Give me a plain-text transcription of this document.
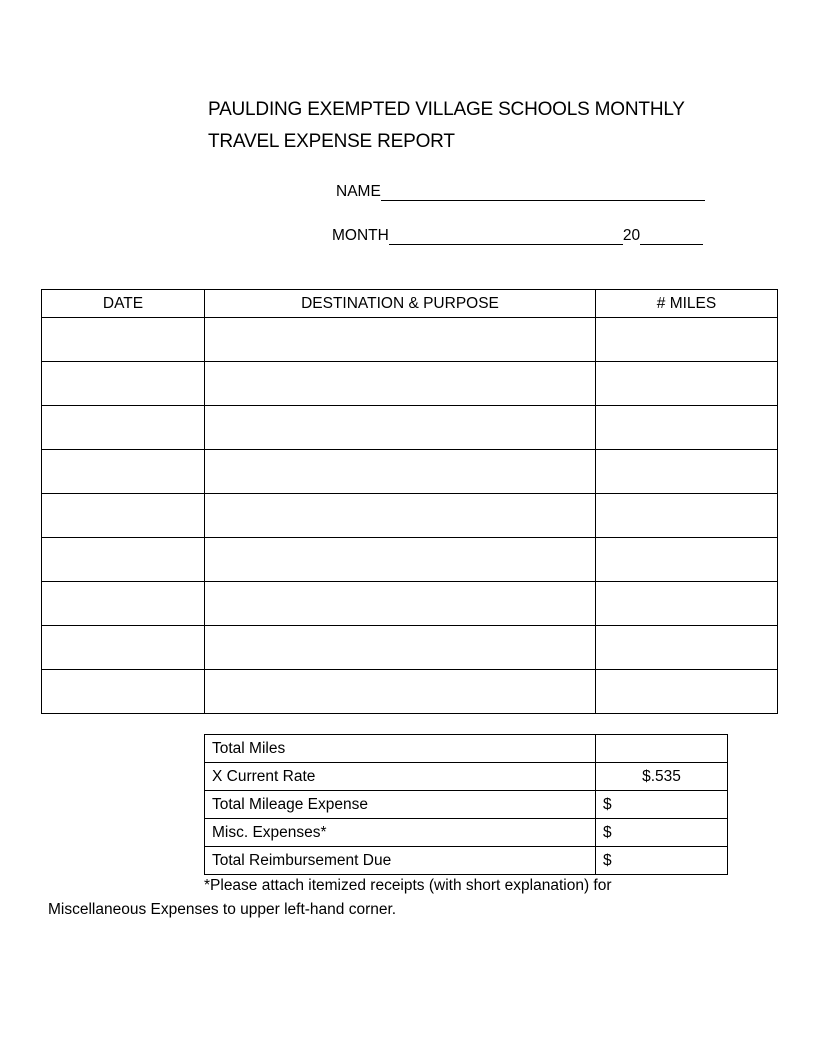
PAULDING EXEMPTED VILLAGE SCHOOLS MONTHLY
TRAVEL EXPENSE REPORT
NAME
MONTH	20
DATE	DESTINATION & PURPOSE	# MILES

Total Miles	
X Current Rate	$.535
Total Mileage Expense	$
Misc. Expenses*	$
Total Reimbursement Due	$

*Please attach itemized receipts (with short explanation) for

Miscellaneous Expenses to upper left-hand corner.
